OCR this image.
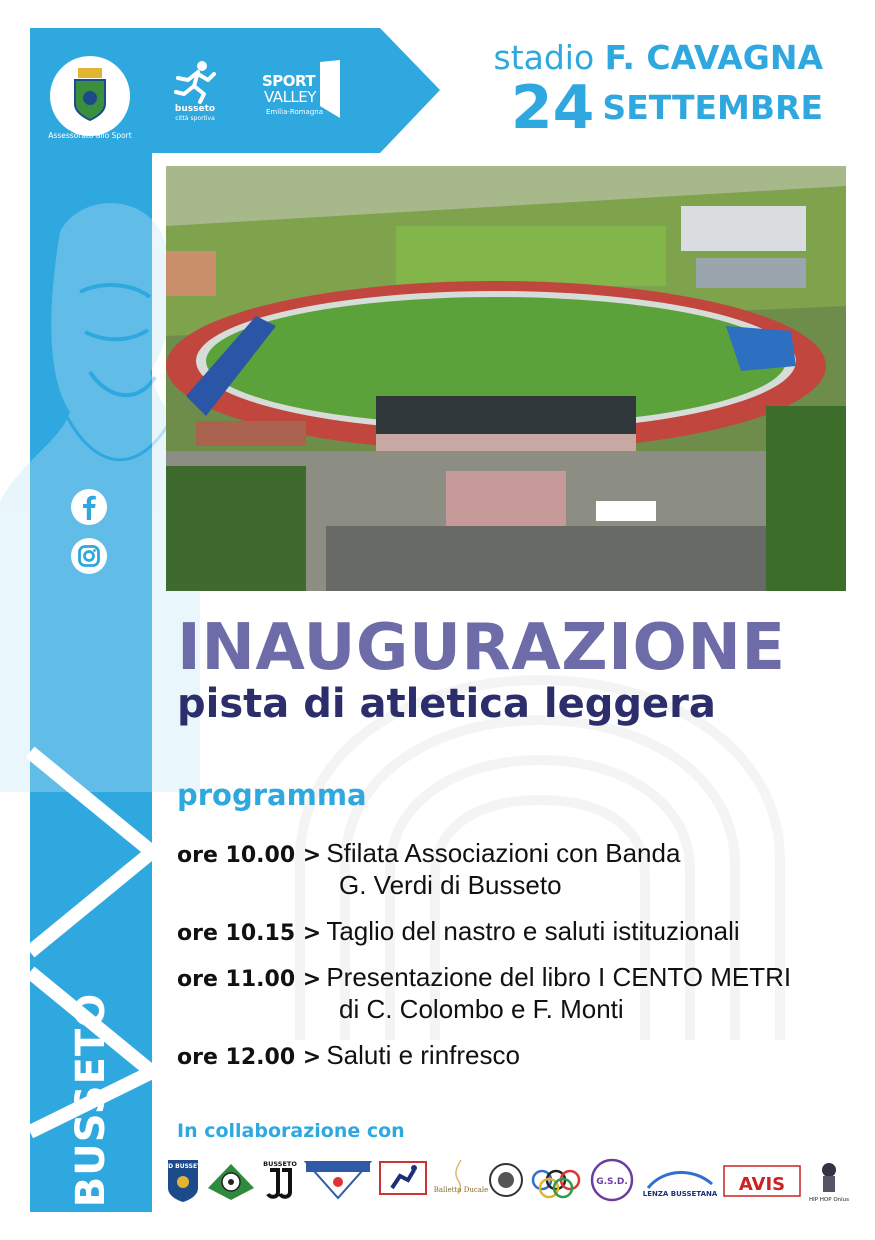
BUSSETO
Assessorato allo Sport
busseto
città sportiva
SPORT
VALLEY
Emilia-Romagna
stadio F. CAVAGNA
24 SETTEMBRE
INAUGURAZIONE
pista di atletica leggera
programma
ore 10.00 > Sfilata Associazioni con Banda
G. Verdi di Busseto
ore 10.15 > Taglio del nastro e saluti istituzionali
ore 11.00 > Presentazione del libro I CENTO METRI
di C. Colombo e F. Monti
ore 12.00 > Saluti e rinfresco
In collaborazione con
SSD BUSSETO	BUSSETO
Balletto Ducale
G.S.D.
LENZA BUSSETANA AVIS
HIP HOP Onlus
